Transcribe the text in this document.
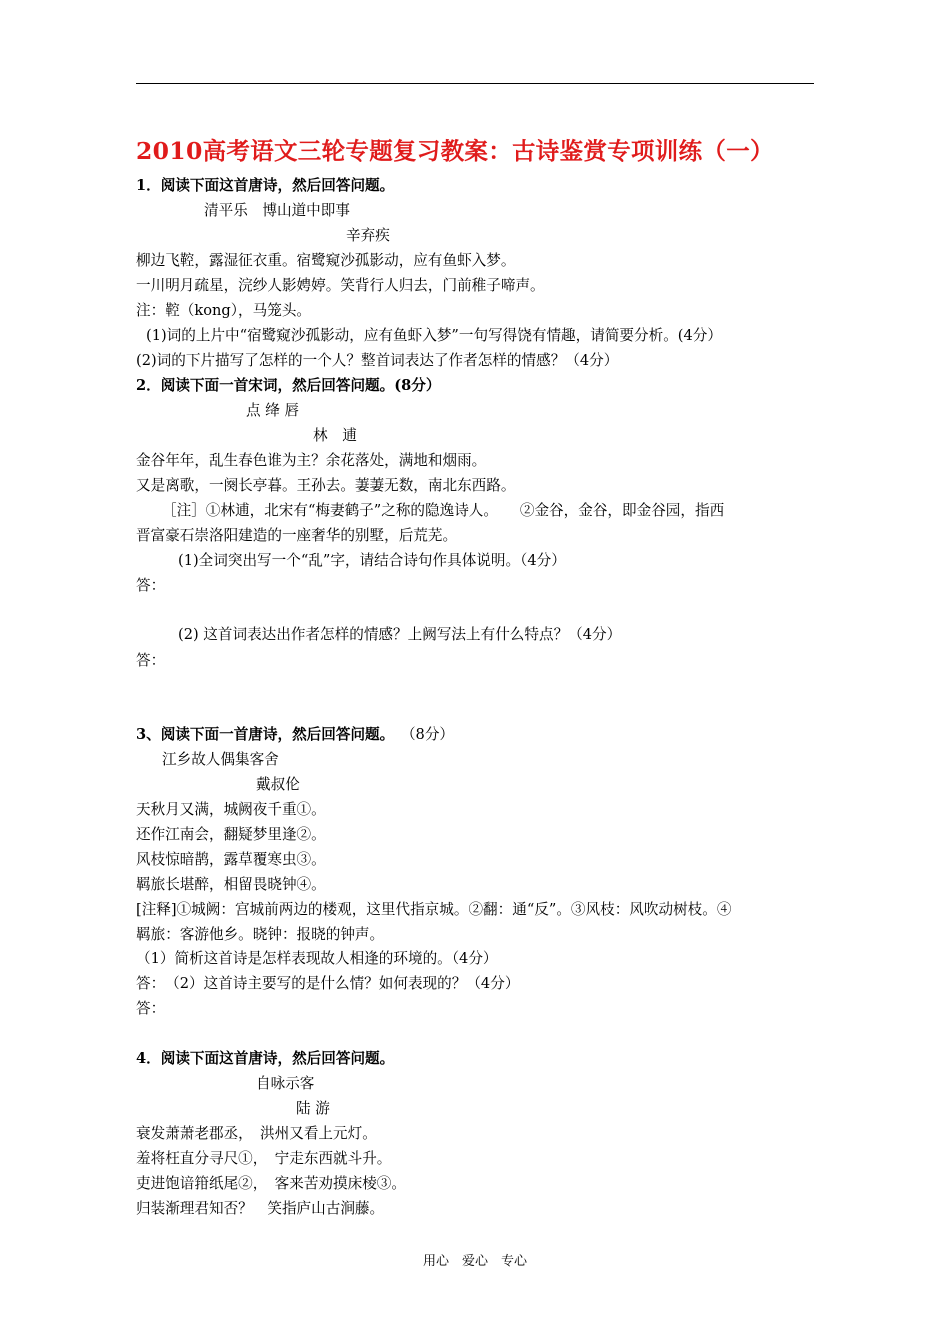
2010高考语文三轮专题复习教案：古诗鉴赏专项训练（一）
1．阅读下面这首唐诗，然后回答问题。
清平乐　博山道中即事
辛弃疾
柳边飞鞚，露湿征衣重。宿鹭窥沙孤影动，应有鱼虾入梦。
一川明月疏星，浣纱人影娉婷。笑背行人归去，门前稚子啼声。
注：鞚（kong），马笼头。
(1)词的上片中“宿鹭窥沙孤影动，应有鱼虾入梦”一句写得饶有情趣，请简要分析。(4分）
(2)词的下片描写了怎样的一个人？整首词表达了作者怎样的情感？（4分）
2．阅读下面一首宋词，然后回答问题。(8分）
点 绛 唇
林　逋
金谷年年，乱生春色谁为主？余花落处，满地和烟雨。
又是离歌，一阕长亭暮。王孙去。萋萋无数，南北东西路。
［注］①林逋，北宋有“梅妻鹤子”之称的隐逸诗人。　　②金谷，金谷，即金谷园，指西
晋富豪石崇洛阳建造的一座奢华的别墅，后荒芜。
(1)全词突出写一个“乱”字，请结合诗句作具体说明。（4分）
答：
(2) 这首词表达出作者怎样的情感？上阙写法上有什么特点？（4分）
答：
3、阅读下面一首唐诗，然后回答问题。 （8分）
江乡故人偶集客舍
戴叔伦
天秋月又满，城阙夜千重①。
还作江南会，翻疑梦里逢②。
风枝惊暗鹊，露草覆寒虫③。
羁旅长堪醉，相留畏晓钟④。
[注释]①城阙：宫城前两边的楼观，这里代指京城。②翻：通“反”。③风枝：风吹动树枝。④
羁旅：客游他乡。晓钟：报晓的钟声。
（1）简析这首诗是怎样表现故人相逢的环境的。（4分）
答：　（2）这首诗主要写的是什么情？如何表现的？（4分）
答：
4．阅读下面这首唐诗，然后回答问题。
自咏示客
陆 游
衰发萧萧老郡丞，　洪州又看上元灯。
羞将枉直分寻尺①，　宁走东西就斗升。
吏进饱谙箝纸尾②，　客来苦劝摸床棱③。
归装渐理君知否？　笑指庐山古涧藤。
用心　爱心　专心
